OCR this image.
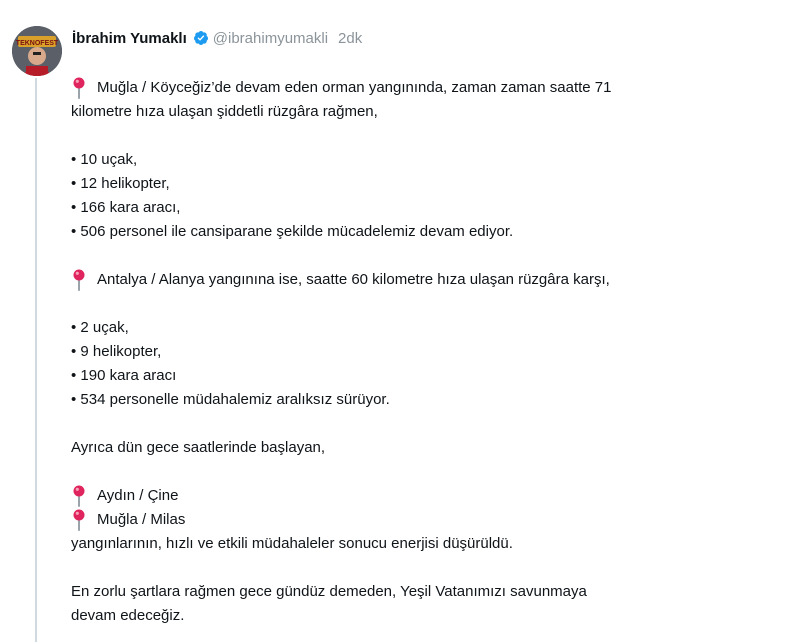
TEKNOFEST İbrahim Yumaklı @ibrahimyumakli 2dk
Muğla / Köyceğiz’de devam eden orman yangınında, zaman zaman saatte 71
kilometre hıza ulaşan şiddetli rüzgâra rağmen,
• 10 uçak,
• 12 helikopter,
• 166 kara aracı,
• 506 personel ile cansiparane şekilde mücadelemiz devam ediyor.
Antalya / Alanya yangınına ise, saatte 60 kilometre hıza ulaşan rüzgâra karşı,
• 2 uçak,
• 9 helikopter,
• 190 kara aracı
• 534 personelle müdahalemiz aralıksız sürüyor.
Ayrıca dün gece saatlerinde başlayan,
Aydın / Çine
Muğla / Milas
yangınlarının, hızlı ve etkili müdahaleler sonucu enerjisi düşürüldü.
En zorlu şartlara rağmen gece gündüz demeden, Yeşil Vatanımızı savunmaya
devam edeceğiz.
